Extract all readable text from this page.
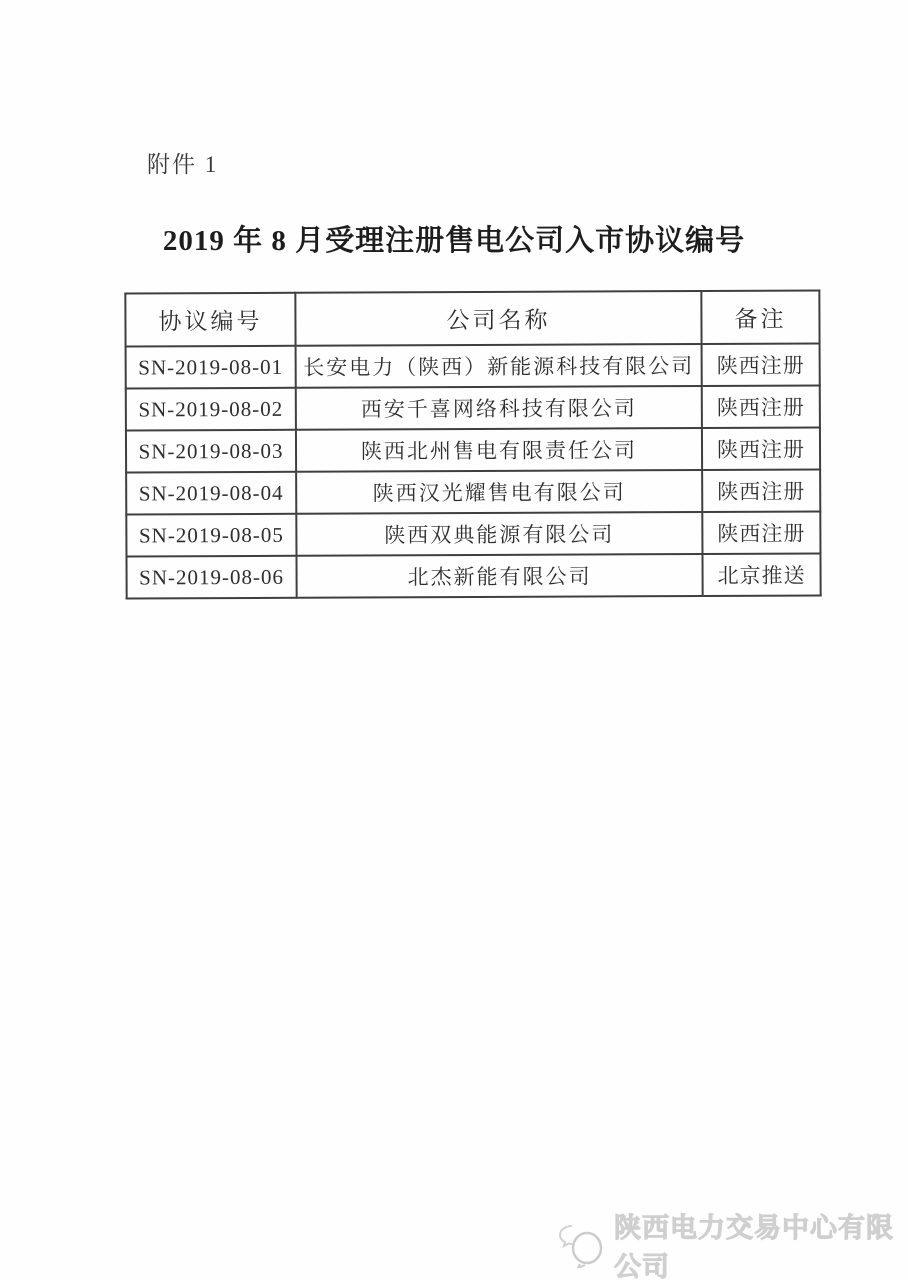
附件 1
2019 年 8 月受理注册售电公司入市协议编号
协议编号	公司名称	备注
SN-2019-08-01	长安电力（陕西）新能源科技有限公司	陕西注册
SN-2019-08-02	西安千喜网络科技有限公司	陕西注册
SN-2019-08-03	陕西北州售电有限责任公司	陕西注册
SN-2019-08-04	陕西汉光耀售电有限公司	陕西注册
SN-2019-08-05	陕西双典能源有限公司	陕西注册
SN-2019-08-06	北杰新能有限公司	北京推送
陕西电力交易中心有限公司
